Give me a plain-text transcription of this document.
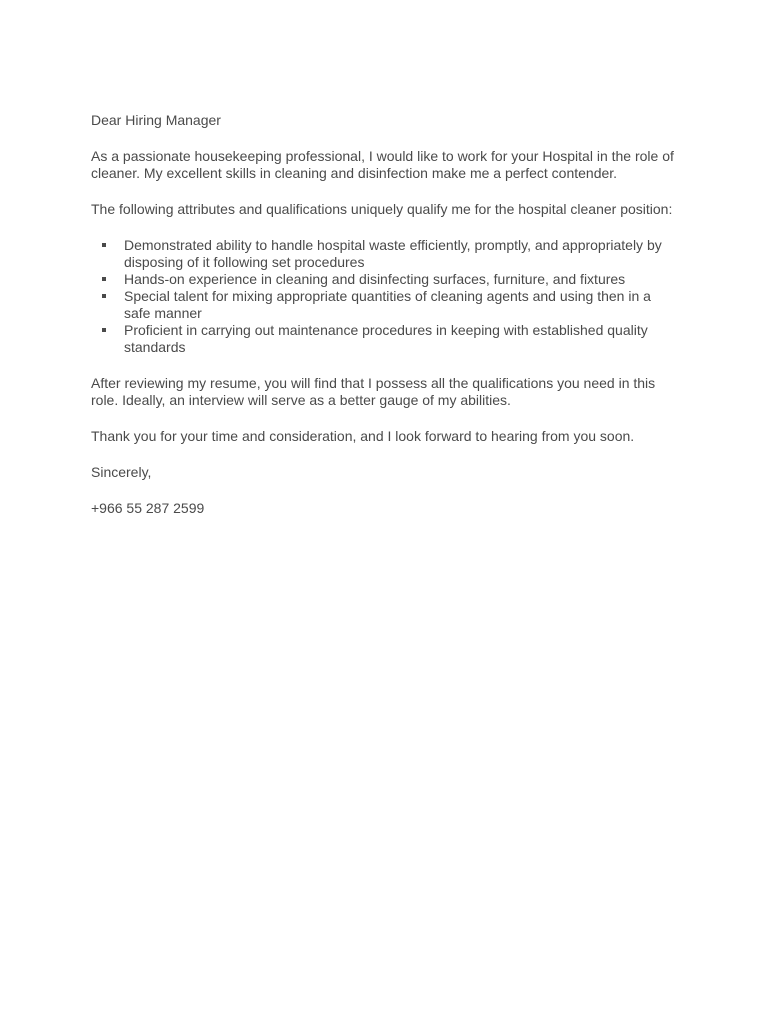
Dear Hiring Manager

As a passionate housekeeping professional, I would like to work for your Hospital in the role of cleaner. My excellent skills in cleaning and disinfection make me a perfect contender.

The following attributes and qualifications uniquely qualify me for the hospital cleaner position:

Demonstrated ability to handle hospital waste efficiently, promptly, and appropriately by disposing of it following set procedures
Hands-on experience in cleaning and disinfecting surfaces, furniture, and fixtures
Special talent for mixing appropriate quantities of cleaning agents and using then in a safe manner
Proficient in carrying out maintenance procedures in keeping with established quality standards

After reviewing my resume, you will find that I possess all the qualifications you need in this role. Ideally, an interview will serve as a better gauge of my abilities.

Thank you for your time and consideration, and I look forward to hearing from you soon.

Sincerely,

+966 55 287 2599
